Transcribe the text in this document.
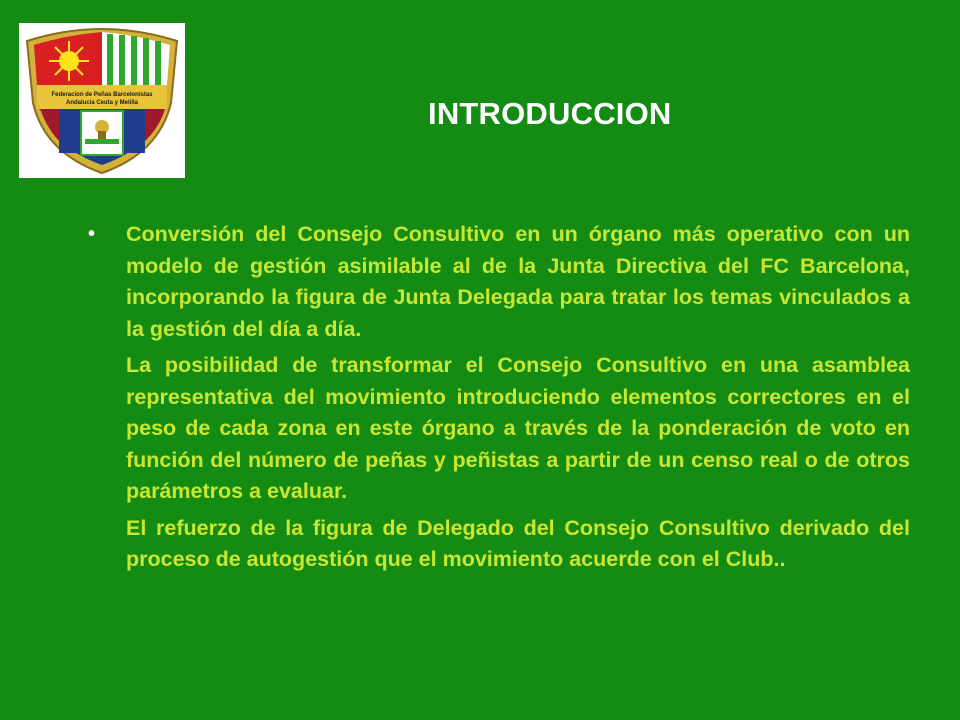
Federacion de Peñas Barcelonistas
Andalucia Ceuta y Melilla	INTRODUCCION
• Conversión del Consejo Consultivo en un órgano más operativo con un modelo de gestión asimilable al de la Junta Directiva del FC Barcelona, incorporando la figura de Junta Delegada para tratar los temas vinculados a la gestión del día a día.
La posibilidad de transformar el Consejo Consultivo en una asamblea representativa del movimiento introduciendo elementos correctores en el peso de cada zona en este órgano a través de la ponderación de voto en función del número de peñas y peñistas a partir de un censo real o de otros parámetros a evaluar.
El refuerzo de la figura de Delegado del Consejo Consultivo derivado del proceso de autogestión que el movimiento acuerde con el Club..
